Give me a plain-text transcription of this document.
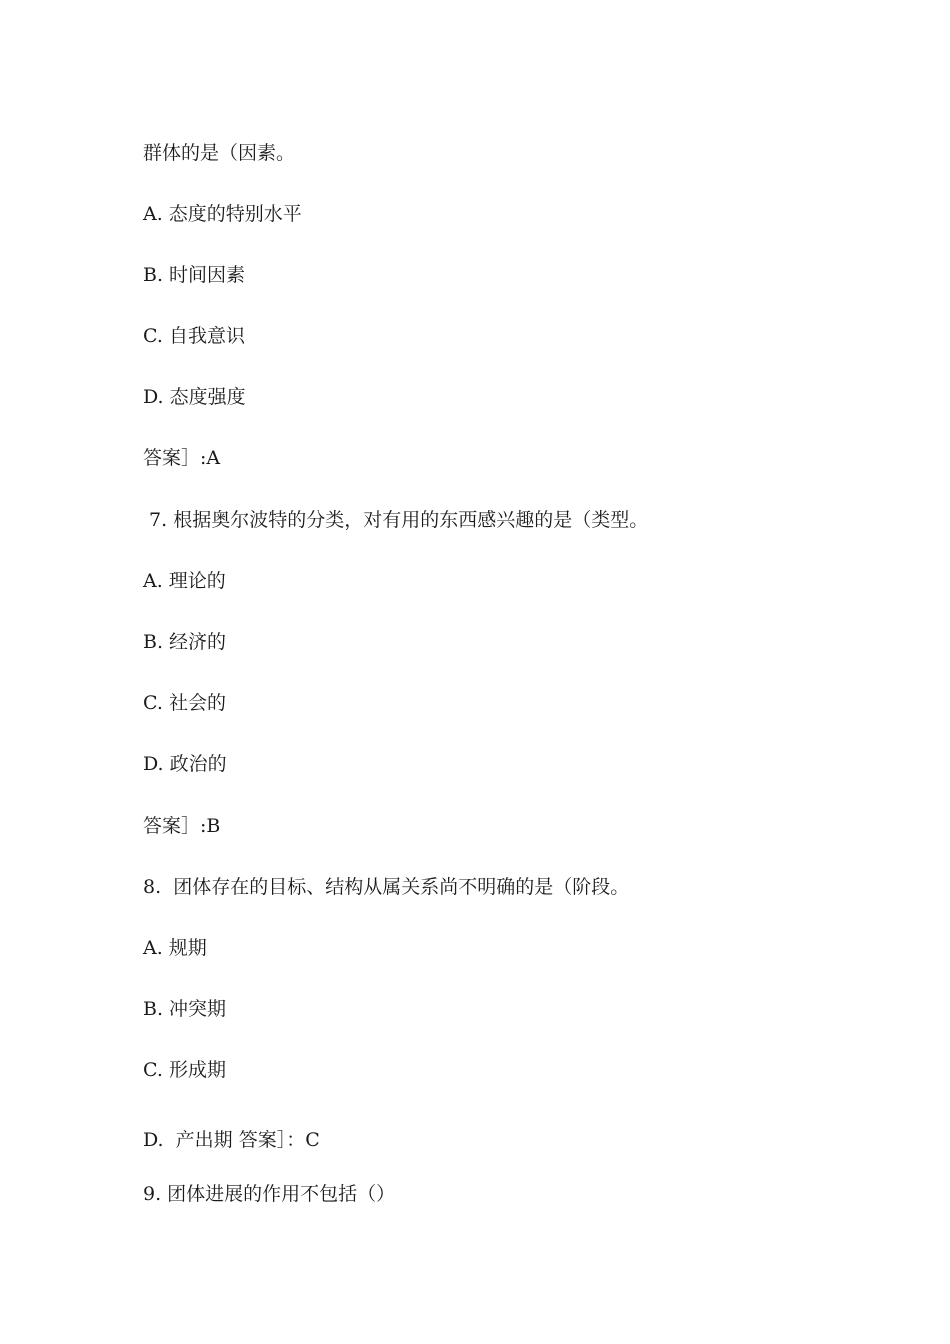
群体的是（因素。

A. 态度的特别水平

B. 时间因素

C. 自我意识

D. 态度强度

答案］:A

7. 根据奥尔波特的分类，对有用的东西感兴趣的是（类型。

A. 理论的

B. 经济的

C. 社会的

D. 政治的

答案］:B

8.  团体存在的目标、结构从属关系尚不明确的是（阶段。

A. 规期

B. 冲突期

C. 形成期

D.  产出期 答案］：C

9. 团体进展的作用不包括（）
